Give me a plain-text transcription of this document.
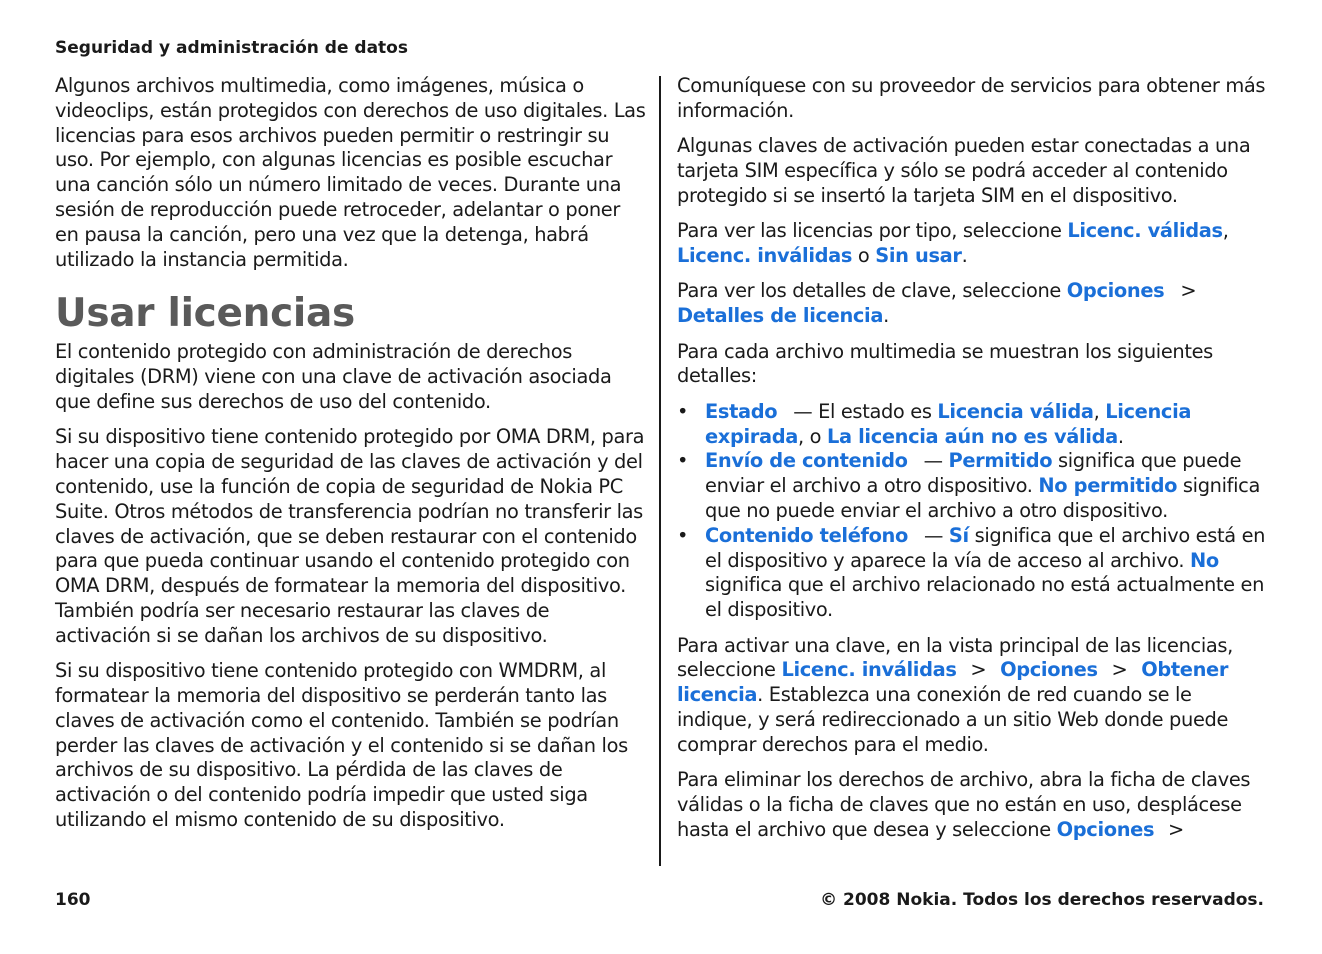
Seguridad y administración de datos

Algunos archivos multimedia, como imágenes, música o videoclips, están protegidos con derechos de uso digitales. Las licencias para esos archivos pueden permitir o restringir su uso. Por ejemplo, con algunas licencias es posible escuchar una canción sólo un número limitado de veces. Durante una sesión de reproducción puede retroceder, adelantar o poner en pausa la canción, pero una vez que la detenga, habrá utilizado la instancia permitida.

Usar licencias

El contenido protegido con administración de derechos digitales (DRM) viene con una clave de activación asociada que define sus derechos de uso del contenido.

Si su dispositivo tiene contenido protegido por OMA DRM, para hacer una copia de seguridad de las claves de activación y del contenido, use la función de copia de seguridad de Nokia PC Suite. Otros métodos de transferencia podrían no transferir las claves de activación, que se deben restaurar con el contenido para que pueda continuar usando el contenido protegido con OMA DRM, después de formatear la memoria del dispositivo. También podría ser necesario restaurar las claves de activación si se dañan los archivos de su dispositivo.

Si su dispositivo tiene contenido protegido con WMDRM, al formatear la memoria del dispositivo se perderán tanto las claves de activación como el contenido. También se podrían perder las claves de activación y el contenido si se dañan los archivos de su dispositivo. La pérdida de las claves de activación o del contenido podría impedir que usted siga utilizando el mismo contenido de su dispositivo.

Comuníquese con su proveedor de servicios para obtener más información.

Algunas claves de activación pueden estar conectadas a una tarjeta SIM específica y sólo se podrá acceder al contenido protegido si se insertó la tarjeta SIM en el dispositivo.

Para ver las licencias por tipo, seleccione Licenc. válidas, Licenc. inválidas o Sin usar.

Para ver los detalles de clave, seleccione Opciones > Detalles de licencia.

Para cada archivo multimedia se muestran los siguientes detalles:

• Estado — El estado es Licencia válida, Licencia expirada, o La licencia aún no es válida.
• Envío de contenido — Permitido significa que puede enviar el archivo a otro dispositivo. No permitido significa que no puede enviar el archivo a otro dispositivo.
• Contenido teléfono — Sí significa que el archivo está en el dispositivo y aparece la vía de acceso al archivo. No significa que el archivo relacionado no está actualmente en el dispositivo.

Para activar una clave, en la vista principal de las licencias, seleccione Licenc. inválidas > Opciones > Obtener licencia. Establezca una conexión de red cuando se le indique, y será redireccionado a un sitio Web donde puede comprar derechos para el medio.

Para eliminar los derechos de archivo, abra la ficha de claves válidas o la ficha de claves que no están en uso, desplácese hasta el archivo que desea y seleccione Opciones >

160	© 2008 Nokia. Todos los derechos reservados.
